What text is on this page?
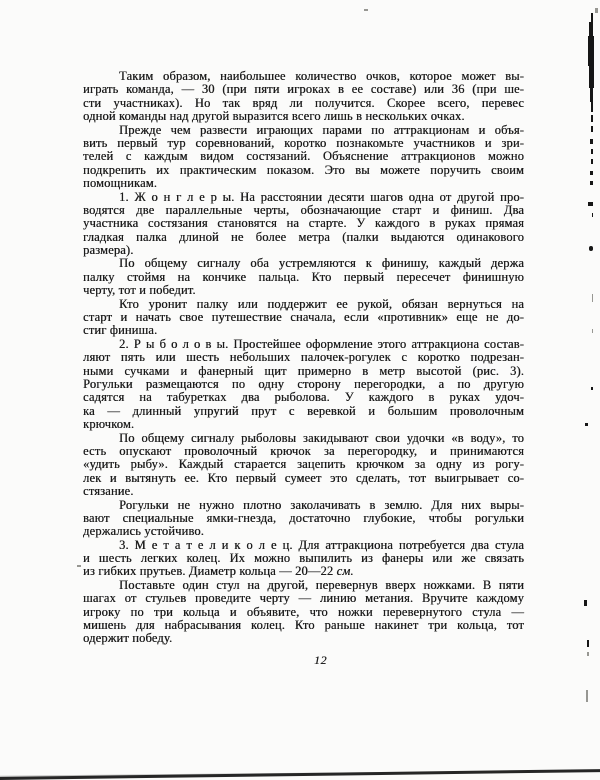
Таким образом, наибольшее количество очков, которое может вы-
играть команда, — 30 (при пяти игроках в ее составе) или 36 (при ше-
сти участниках). Но так вряд ли получится. Скорее всего, перевес
одной команды над другой выразится всего лишь в нескольких очках.
Прежде чем развести играющих парами по аттракционам и объя-
вить первый тур соревнований, коротко познакомьте участников и зри-
телей с каждым видом состязаний. Объяснение аттракционов можно
подкрепить их практическим показом. Это вы можете поручить своим
помощникам.
1. Ж о н г л е р ы. На расстоянии десяти шагов одна от другой про-
водятся две параллельные черты, обозначающие старт и финиш. Два
участника состязания становятся на старте. У каждого в руках прямая
гладкая палка длиной не более метра (палки выдаются одинакового
размера).
По общему сигналу оба устремляются к финишу, каждый держа
палку стоймя на кончике пальца. Кто первый пересечет финишную
черту, тот и победит.
Кто уронит палку или поддержит ее рукой, обязан вернуться на
старт и начать свое путешествие сначала, если «противник» еще не до-
стиг финиша.
2. Р ы б о л о в ы. Простейшее оформление этого аттракциона состав-
ляют пять или шесть небольших палочек-рогулек с коротко подрезан-
ными сучками и фанерный щит примерно в метр высотой (рис. 3).
Рогульки размещаются по одну сторону перегородки, а по другую
садятся на табуретках два рыболова. У каждого в руках удоч-
ка — длинный упругий прут с веревкой и большим проволочным
крючком.
По общему сигналу рыболовы закидывают свои удочки «в воду», то
есть опускают проволочный крючок за перегородку, и принимаются
«удить рыбу». Каждый старается зацепить крючком за одну из рогу-
лек и вытянуть ее. Кто первый сумеет это сделать, тот выигрывает со-
стязание.
Рогульки не нужно плотно заколачивать в землю. Для них выры-
вают специальные ямки-гнезда, достаточно глубокие, чтобы рогульки
держались устойчиво.
3. М е т а т е л и к о л е ц. Для аттракциона потребуется два стула
и шесть легких колец. Их можно выпилить из фанеры или же связать
из гибких прутьев. Диаметр кольца — 20—22 см.
Поставьте один стул на другой, перевернув вверх ножками. В пяти
шагах от стульев проведите черту — линию метания. Вручите каждому
игроку по три кольца и объявите, что ножки перевернутого стула —
мишень для набрасывания колец. Кто раньше накинет три кольца, тот
одержит победу.
12
